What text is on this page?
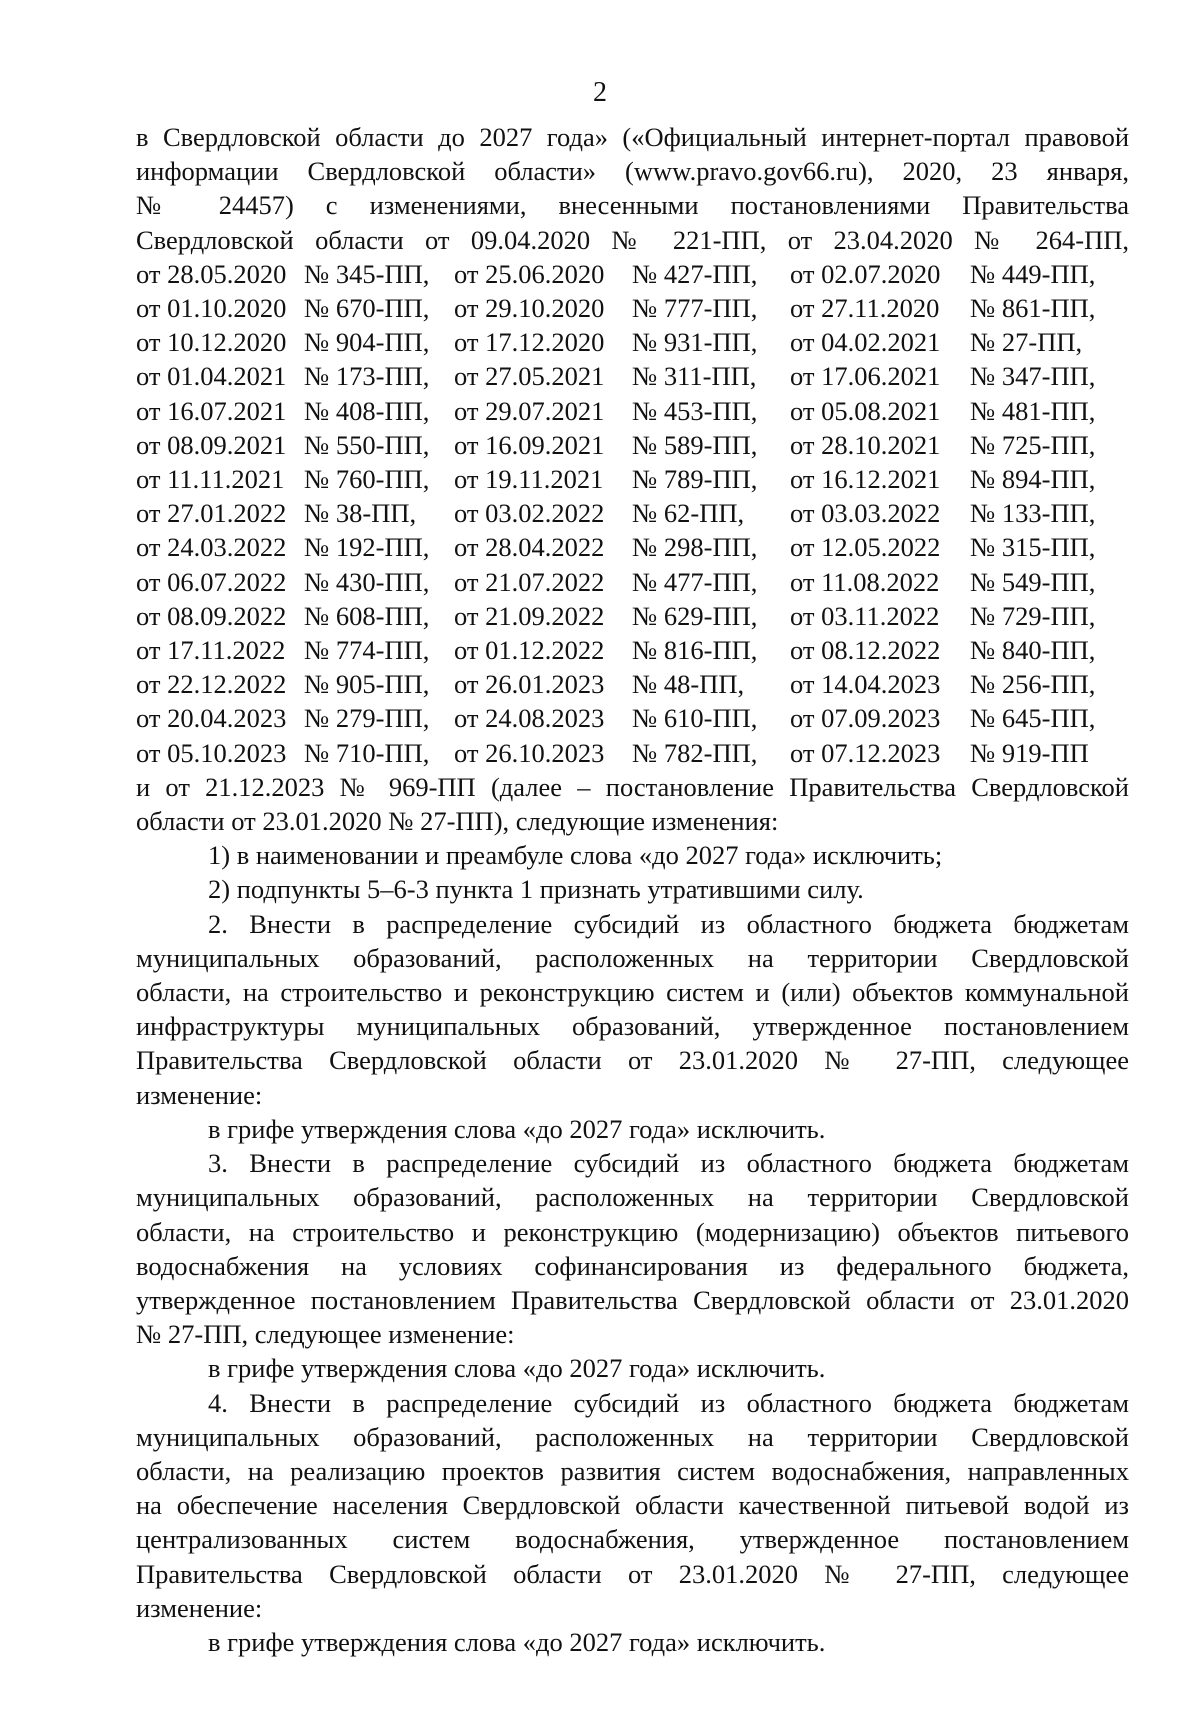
2

в Свердловской области до 2027 года» («Официальный интернет-портал правовой

информации Свердловской области» (www.pravo.gov66.ru), 2020, 23 января,

№ 24457) с изменениями, внесенными постановлениями Правительства

Свердловской области от 09.04.2020 № 221-ПП, от 23.04.2020 № 264-ПП,

от 28.05.2020	№ 345-ПП,	от 25.06.2020	№ 427-ПП,	от 02.07.2020	№ 449-ПП,
от 01.10.2020	№ 670-ПП,	от 29.10.2020	№ 777-ПП,	от 27.11.2020	№ 861-ПП,
от 10.12.2020	№ 904-ПП,	от 17.12.2020	№ 931-ПП,	от 04.02.2021	№ 27-ПП,
от 01.04.2021	№ 173-ПП,	от 27.05.2021	№ 311-ПП,	от 17.06.2021	№ 347-ПП,
от 16.07.2021	№ 408-ПП,	от 29.07.2021	№ 453-ПП,	от 05.08.2021	№ 481-ПП,
от 08.09.2021	№ 550-ПП,	от 16.09.2021	№ 589-ПП,	от 28.10.2021	№ 725-ПП,
от 11.11.2021	№ 760-ПП,	от 19.11.2021	№ 789-ПП,	от 16.12.2021	№ 894-ПП,
от 27.01.2022	№ 38-ПП,	от 03.02.2022	№ 62-ПП,	от 03.03.2022	№ 133-ПП,
от 24.03.2022	№ 192-ПП,	от 28.04.2022	№ 298-ПП,	от 12.05.2022	№ 315-ПП,
от 06.07.2022	№ 430-ПП,	от 21.07.2022	№ 477-ПП,	от 11.08.2022	№ 549-ПП,
от 08.09.2022	№ 608-ПП,	от 21.09.2022	№ 629-ПП,	от 03.11.2022	№ 729-ПП,
от 17.11.2022	№ 774-ПП,	от 01.12.2022	№ 816-ПП,	от 08.12.2022	№ 840-ПП,
от 22.12.2022	№ 905-ПП,	от 26.01.2023	№ 48-ПП,	от 14.04.2023	№ 256-ПП,
от 20.04.2023	№ 279-ПП,	от 24.08.2023	№ 610-ПП,	от 07.09.2023	№ 645-ПП,
от 05.10.2023	№ 710-ПП,	от 26.10.2023	№ 782-ПП,	от 07.12.2023	№ 919-ПП

и от 21.12.2023 № 969-ПП (далее – постановление Правительства Свердловской

области от 23.01.2020 № 27-ПП), следующие изменения:

1) в наименовании и преамбуле слова «до 2027 года» исключить;

2) подпункты 5–6-3 пункта 1 признать утратившими силу.

2. Внести в распределение субсидий из областного бюджета бюджетам

муниципальных образований, расположенных на территории Свердловской

области, на строительство и реконструкцию систем и (или) объектов коммунальной

инфраструктуры муниципальных образований, утвержденное постановлением

Правительства Свердловской области от 23.01.2020 № 27-ПП, следующее

изменение:

в грифе утверждения слова «до 2027 года» исключить.

3. Внести в распределение субсидий из областного бюджета бюджетам

муниципальных образований, расположенных на территории Свердловской

области, на строительство и реконструкцию (модернизацию) объектов питьевого

водоснабжения на условиях софинансирования из федерального бюджета,

утвержденное постановлением Правительства Свердловской области от 23.01.2020

№ 27-ПП, следующее изменение:

в грифе утверждения слова «до 2027 года» исключить.

4. Внести в распределение субсидий из областного бюджета бюджетам

муниципальных образований, расположенных на территории Свердловской

области, на реализацию проектов развития систем водоснабжения, направленных

на обеспечение населения Свердловской области качественной питьевой водой из

централизованных систем водоснабжения, утвержденное постановлением

Правительства Свердловской области от 23.01.2020 № 27-ПП, следующее

изменение:

в грифе утверждения слова «до 2027 года» исключить.
